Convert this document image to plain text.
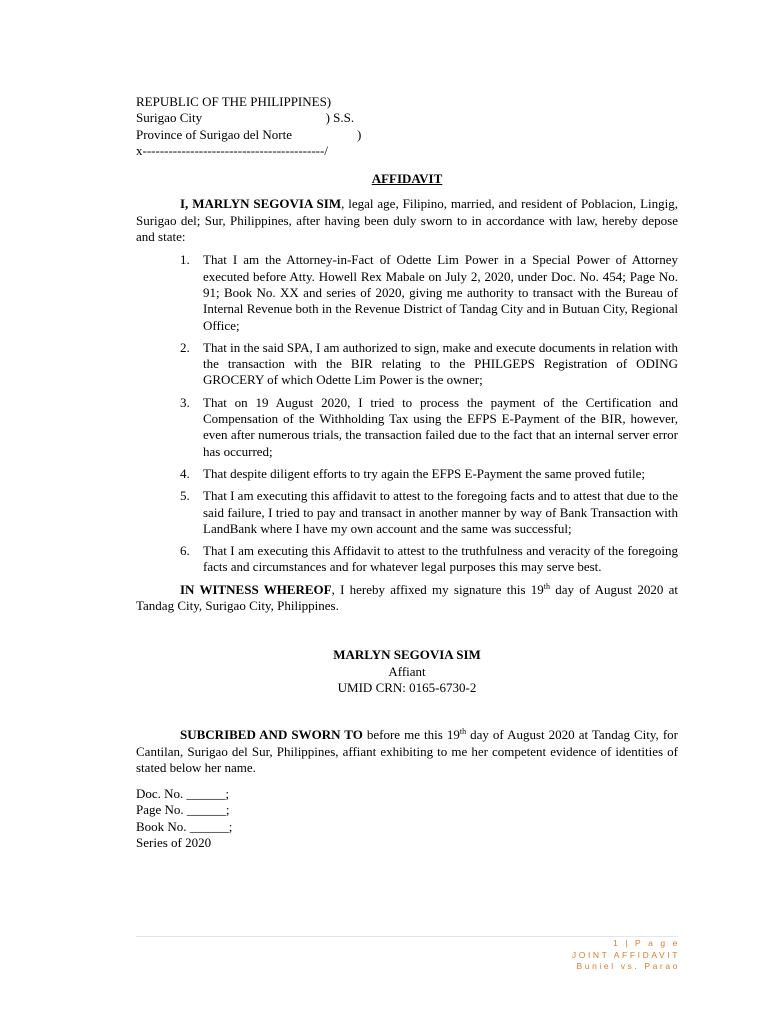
REPUBLIC OF THE PHILIPPINES)
Surigao City                                      ) S.S.
Province of Surigao del Norte                    )
x------------------------------------------/
AFFIDAVIT
I, MARLYN SEGOVIA SIM, legal age, Filipino, married, and resident of Poblacion, Lingig, Surigao del; Sur, Philippines, after having been duly sworn to in accordance with law, hereby depose and state:
1. That I am the Attorney-in-Fact of Odette Lim Power in a Special Power of Attorney executed before Atty. Howell Rex Mabale on July 2, 2020, under Doc. No. 454; Page No. 91; Book No. XX and series of 2020, giving me authority to transact with the Bureau of Internal Revenue both in the Revenue District of Tandag City and in Butuan City, Regional Office;
2. That in the said SPA, I am authorized to sign, make and execute documents in relation with the transaction with the BIR relating to the PHILGEPS Registration of ODING GROCERY of which Odette Lim Power is the owner;
3. That on 19 August 2020, I tried to process the payment of the Certification and Compensation of the Withholding Tax using the EFPS E-Payment of the BIR, however, even after numerous trials, the transaction failed due to the fact that an internal server error has occurred;
4. That despite diligent efforts to try again the EFPS E-Payment the same proved futile;
5. That I am executing this affidavit to attest to the foregoing facts and to attest that due to the said failure, I tried to pay and transact in another manner by way of Bank Transaction with LandBank where I have my own account and the same was successful;
6. That I am executing this Affidavit to attest to the truthfulness and veracity of the foregoing facts and circumstances and for whatever legal purposes this may serve best.
IN WITNESS WHEREOF, I hereby affixed my signature this 19th day of August 2020 at Tandag City, Surigao City, Philippines.
MARLYN SEGOVIA SIM
Affiant
UMID CRN: 0165-6730-2
SUBCRIBED AND SWORN TO before me this 19th day of August 2020 at Tandag City, for Cantilan, Surigao del Sur, Philippines, affiant exhibiting to me her competent evidence of identities of stated below her name.
Doc. No. ______;
Page No. ______;
Book No. ______;
Series of 2020
1 | P a g e
JOINT AFFIDAVIT
Buniel vs. Parao
